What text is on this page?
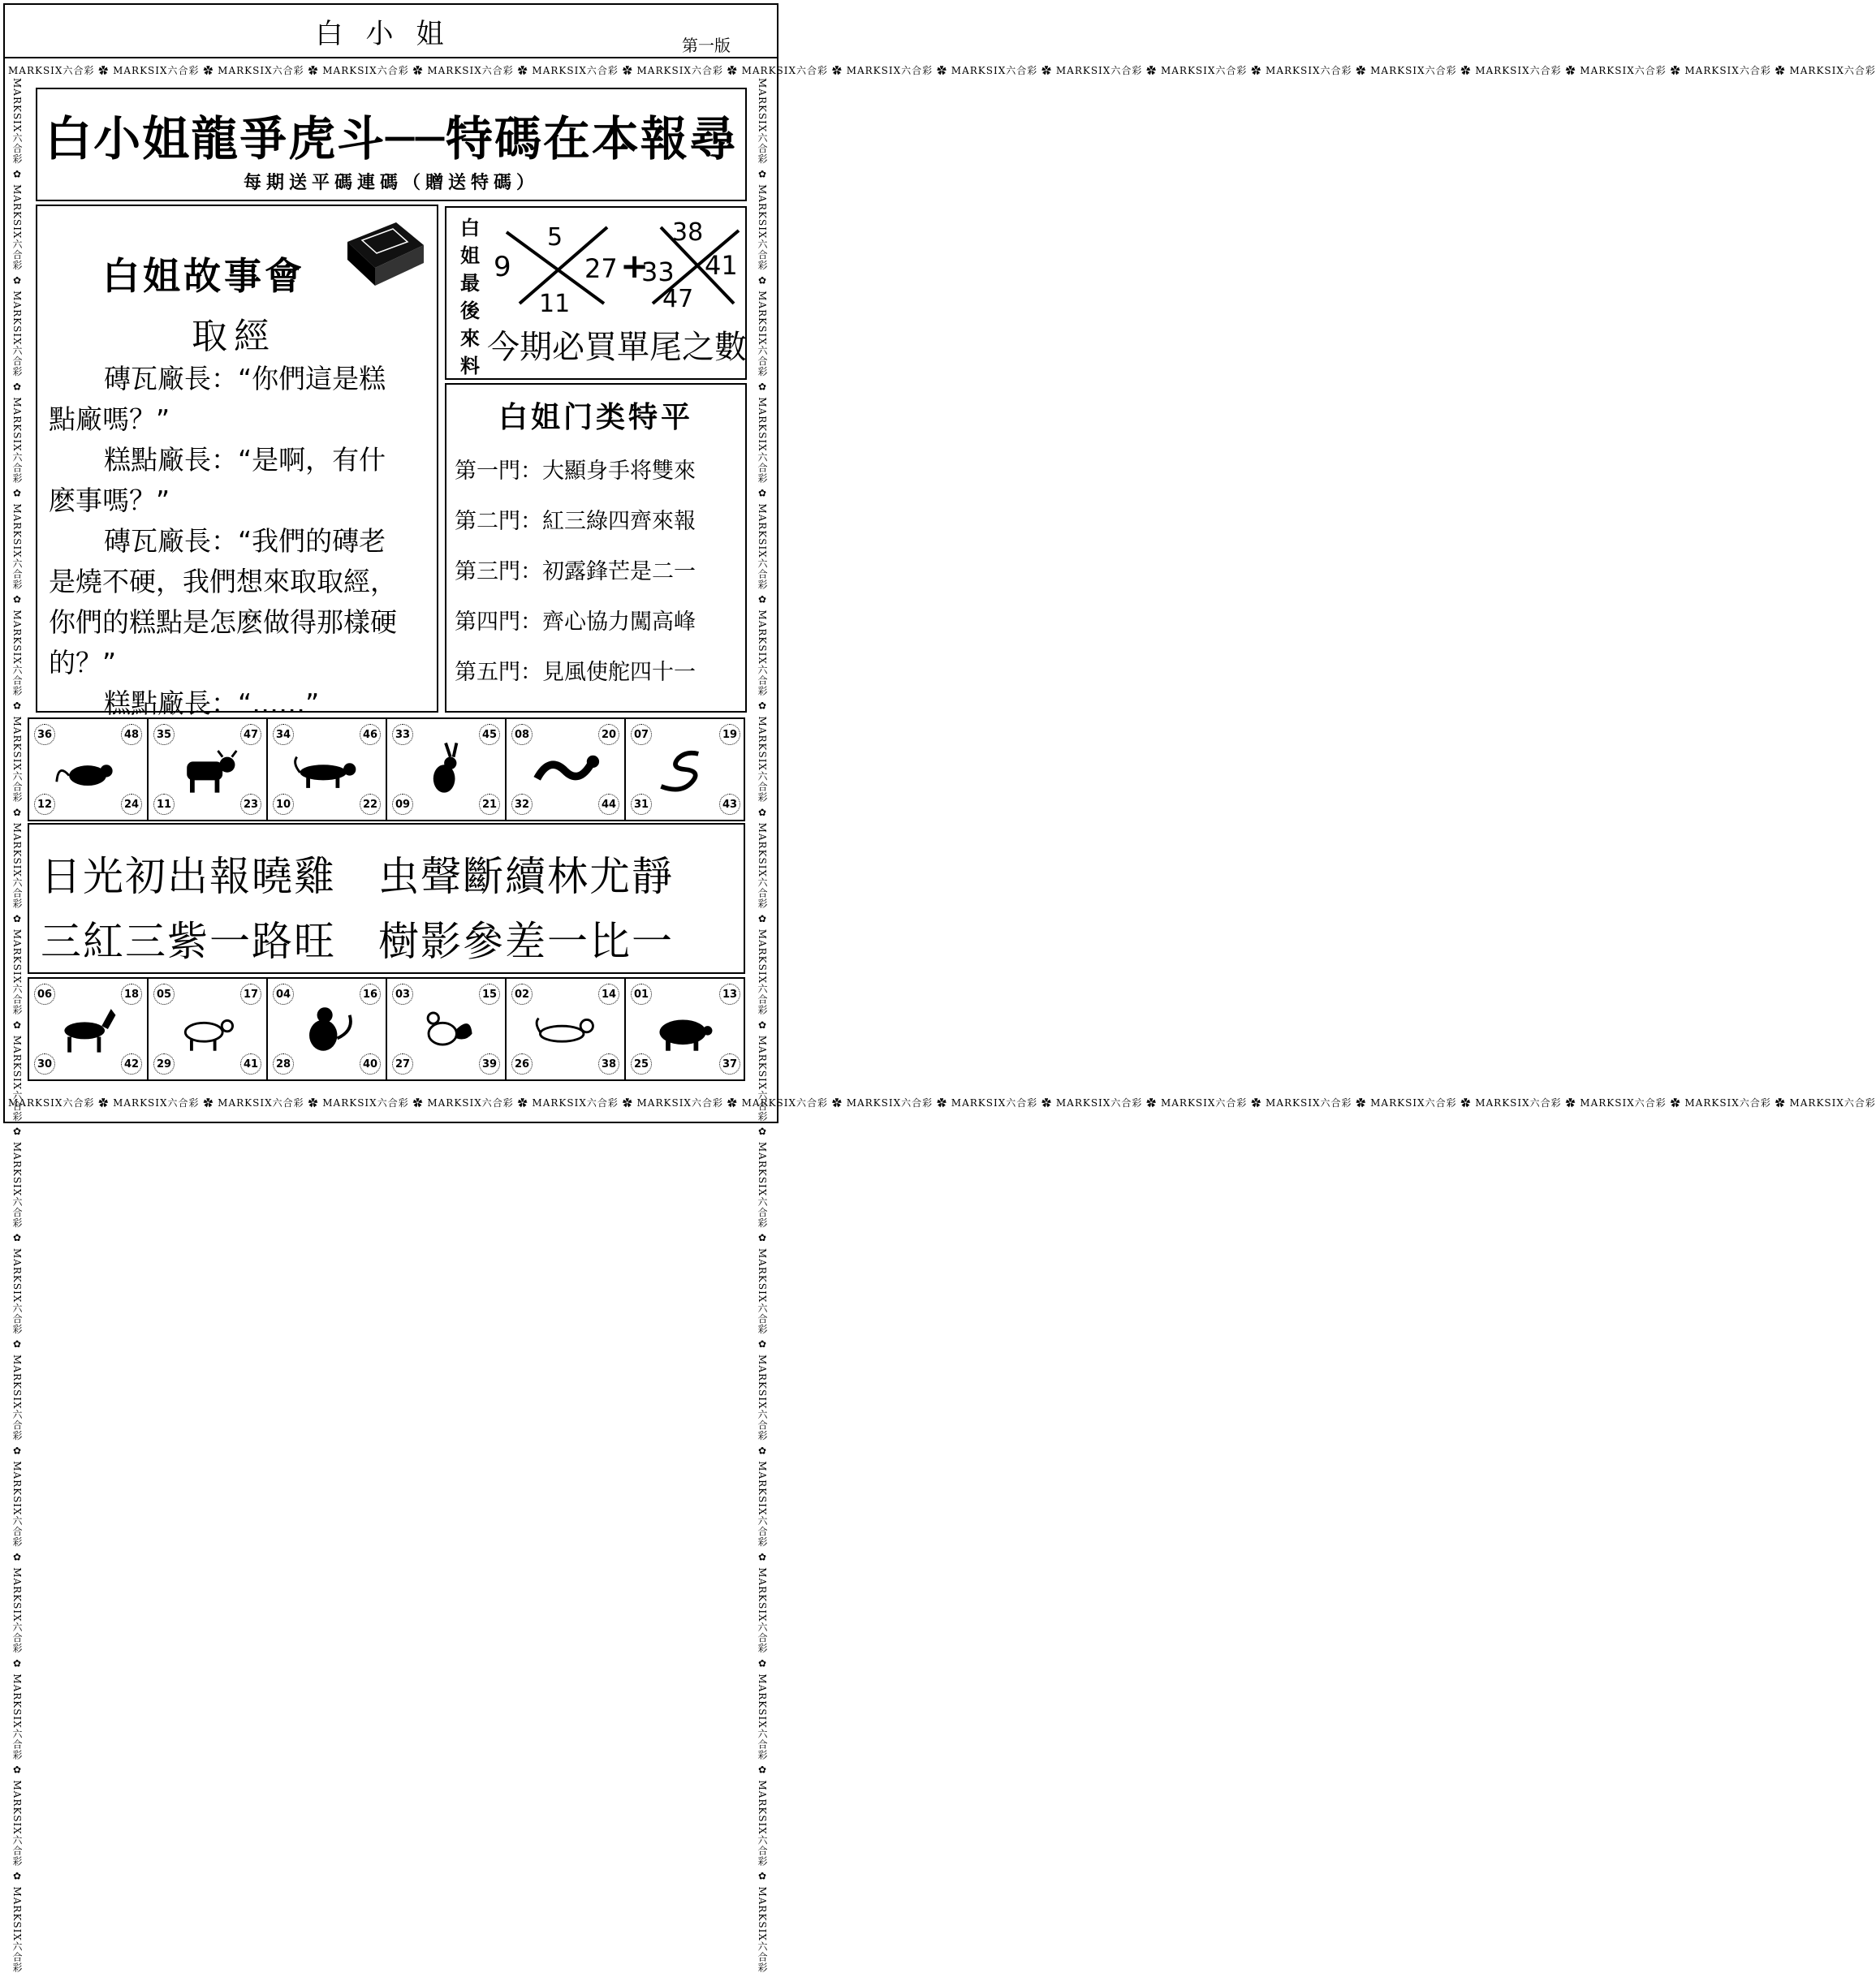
白小姐	第一版
MARKSIX六合彩 ✿ MARKSIX六合彩 ✿ MARKSIX六合彩 ✿ MARKSIX六合彩 ✿ MARKSIX六合彩 ✿ MARKSIX六合彩 ✿ MARKSIX六合彩 ✿ MARKSIX六合彩 ✿ MARKSIX六合彩 ✿ MARKSIX六合彩 ✿ MARKSIX六合彩 ✿ MARKSIX六合彩 ✿ MARKSIX六合彩 ✿ MARKSIX六合彩 ✿ MARKSIX六合彩 ✿ MARKSIX六合彩 ✿ MARKSIX六合彩 ✿ MARKSIX六合彩
MARKSIX六合彩 ✿ MARKSIX六合彩 ✿ MARKSIX六合彩 ✿ MARKSIX六合彩 ✿ MARKSIX六合彩 ✿ MARKSIX六合彩 ✿ MARKSIX六合彩 ✿ MARKSIX六合彩 ✿ MARKSIX六合彩 ✿ MARKSIX六合彩 ✿ MARKSIX六合彩 ✿ MARKSIX六合彩 ✿ MARKSIX六合彩 ✿ MARKSIX六合彩 ✿ MARKSIX六合彩 ✿ MARKSIX六合彩 ✿ MARKSIX六合彩 ✿ MARKSIX六合彩
MARKSIX六合彩 ✿ MARKSIX六合彩 ✿ MARKSIX六合彩 ✿ MARKSIX六合彩 ✿ MARKSIX六合彩 ✿ MARKSIX六合彩 ✿ MARKSIX六合彩 ✿ MARKSIX六合彩 ✿ MARKSIX六合彩 ✿ MARKSIX六合彩 ✿ MARKSIX六合彩 ✿ MARKSIX六合彩 ✿ MARKSIX六合彩 ✿ MARKSIX六合彩 ✿ MARKSIX六合彩 ✿ MARKSIX六合彩 ✿ MARKSIX六合彩 ✿ MARKSIX六合彩	MARKSIX六合彩 ✿ MARKSIX六合彩 ✿ MARKSIX六合彩 ✿ MARKSIX六合彩 ✿ MARKSIX六合彩 ✿ MARKSIX六合彩 ✿ MARKSIX六合彩 ✿ MARKSIX六合彩 ✿ MARKSIX六合彩 ✿ MARKSIX六合彩 ✿ MARKSIX六合彩 ✿ MARKSIX六合彩 ✿ MARKSIX六合彩 ✿ MARKSIX六合彩 ✿ MARKSIX六合彩 ✿ MARKSIX六合彩 ✿ MARKSIX六合彩 ✿ MARKSIX六合彩
白小姐龍爭虎斗──特碼在本報尋
每期送平碼連碼（贈送特碼）
白姐故事會
取經

磚瓦廠長：“你們這是糕

點廠嗎？”

糕點廠長：“是啊，有什

麽事嗎？”

磚瓦廠長：“我們的磚老

是燒不硬，我們想來取取經，

你們的糕點是怎麽做得那樣硬

的？”

糕點廠長：“……”

白姐最後來料
9
5
27
11
+
33
38
41
47
今期必買單尾之數
白姐门类特平
第一門：大顯身手将雙來
第二門：紅三綠四齊來報
第三門：初露鋒芒是二一
第四門：齊心協力闖高峰
第五門：見風使舵四十一
36	48
12	24
35	47
11	23
34	46
10	22
33	45
09	21
08	20
32	44
07	19
31	43
日光初出報曉雞　虫聲斷續林尤靜
三紅三紫一路旺　樹影參差一比一
06	18
30	42
05	17
29	41
04	16
28	40
03	15
27	39
02	14
26	38
01	13
25	37
